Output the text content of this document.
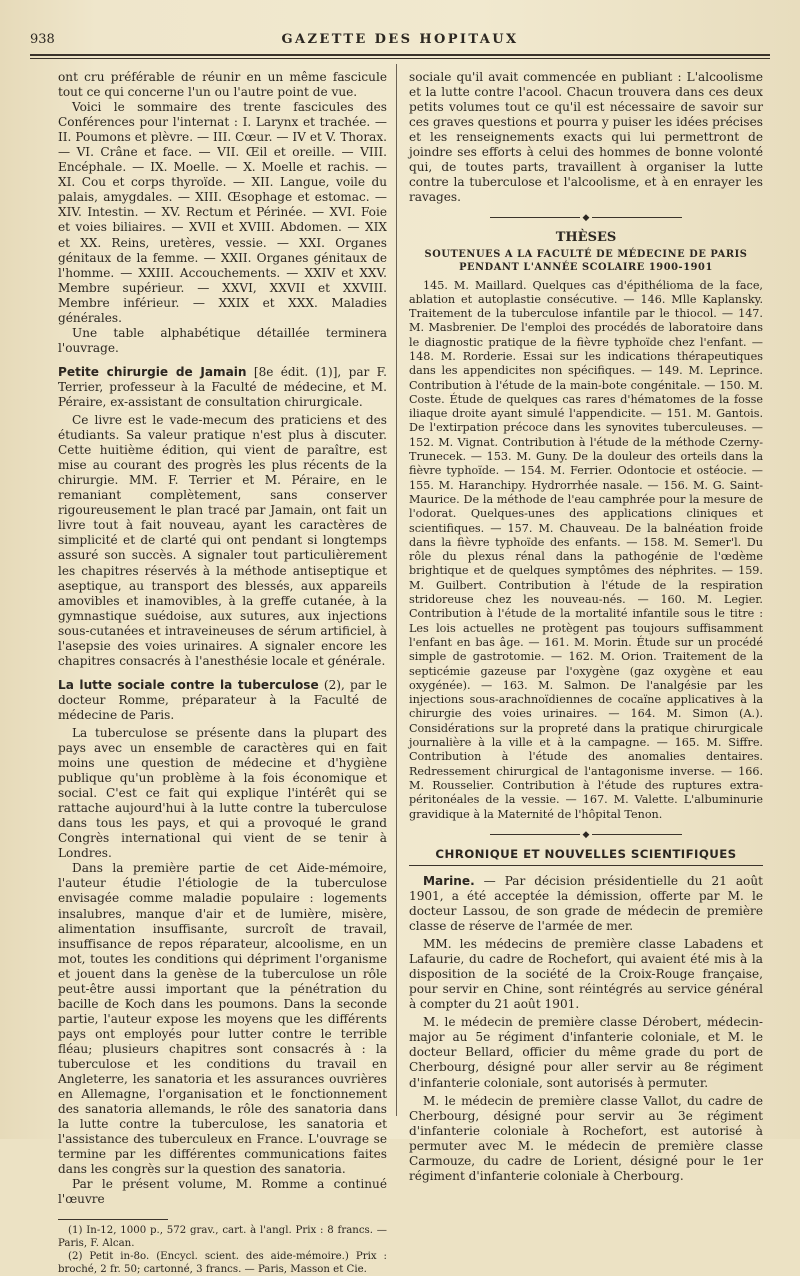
938	GAZETTE DES HOPITAUX

ont cru préférable de réunir en un même fascicule tout ce qui concerne l'un ou l'autre point de vue.

Voici le sommaire des trente fascicules des Conférences pour l'internat : I. Larynx et trachée. — II. Poumons et plèvre. — III. Cœur. — IV et V. Thorax. — VI. Crâne et face. — VII. Œil et oreille. — VIII. Encéphale. — IX. Moelle. — X. Moelle et rachis. — XI. Cou et corps thyroïde. — XII. Langue, voile du palais, amygdales. — XIII. Œsophage et estomac. — XIV. Intestin. — XV. Rectum et Périnée. — XVI. Foie et voies biliaires. — XVII et XVIII. Abdomen. — XIX et XX. Reins, uretères, vessie. — XXI. Organes génitaux de la femme. — XXII. Organes génitaux de l'homme. — XXIII. Accouchements. — XXIV et XXV. Membre supérieur. — XXVI, XXVII et XXVIII. Membre inférieur. — XXIX et XXX. Maladies générales.

Une table alphabétique détaillée terminera l'ouvrage.

Petite chirurgie de Jamain [8e édit. (1)], par F. Terrier, professeur à la Faculté de médecine, et M. Péraire, ex-assistant de consultation chirurgicale.

Ce livre est le vade-mecum des praticiens et des étudiants. Sa valeur pratique n'est plus à discuter. Cette huitième édition, qui vient de paraître, est mise au courant des progrès les plus récents de la chirurgie. MM. F. Terrier et M. Péraire, en le remaniant complètement, sans conserver rigoureusement le plan tracé par Jamain, ont fait un livre tout à fait nouveau, ayant les caractères de simplicité et de clarté qui ont pendant si longtemps assuré son succès. A signaler tout particulièrement les chapitres réservés à la méthode antiseptique et aseptique, au transport des blessés, aux appareils amovibles et inamovibles, à la greffe cutanée, à la gymnastique suédoise, aux sutures, aux injections sous-cutanées et intraveineuses de sérum artificiel, à l'asepsie des voies urinaires. A signaler encore les chapitres consacrés à l'anesthésie locale et générale.

La lutte sociale contre la tuberculose (2), par le docteur Romme, préparateur à la Faculté de médecine de Paris.

La tuberculose se présente dans la plupart des pays avec un ensemble de caractères qui en fait moins une question de médecine et d'hygiène publique qu'un problème à la fois économique et social. C'est ce fait qui explique l'intérêt qui se rattache aujourd'hui à la lutte contre la tuberculose dans tous les pays, et qui a provoqué le grand Congrès international qui vient de se tenir à Londres.

Dans la première partie de cet Aide-mémoire, l'auteur étudie l'étiologie de la tuberculose envisagée comme maladie populaire : logements insalubres, manque d'air et de lumière, misère, alimentation insuffisante, surcroît de travail, insuffisance de repos réparateur, alcoolisme, en un mot, toutes les conditions qui dépriment l'organisme et jouent dans la genèse de la tuberculose un rôle peut-être aussi important que la pénétration du bacille de Koch dans les poumons. Dans la seconde partie, l'auteur expose les moyens que les différents pays ont employés pour lutter contre le terrible fléau; plusieurs chapitres sont consacrés à : la tuberculose et les conditions du travail en Angleterre, les sanatoria et les assurances ouvrières en Allemagne, l'organisation et le fonctionnement des sanatoria allemands, le rôle des sanatoria dans la lutte contre la tuberculose, les sanatoria et l'assistance des tuberculeux en France. L'ouvrage se termine par les différentes communications faites dans les congrès sur la question des sanatoria.

Par le présent volume, M. Romme a continué l'œuvre

(1) In-12, 1000 p., 572 grav., cart. à l'angl. Prix : 8 francs. — Paris, F. Alcan.

(2) Petit in-8o. (Encycl. scient. des aide-mémoire.) Prix : broché, 2 fr. 50; cartonné, 3 francs. — Paris, Masson et Cie.

sociale qu'il avait commencée en publiant : L'alcoolisme et la lutte contre l'acool. Chacun trouvera dans ces deux petits volumes tout ce qu'il est nécessaire de savoir sur ces graves questions et pourra y puiser les idées précises et les renseignements exacts qui lui permettront de joindre ses efforts à celui des hommes de bonne volonté qui, de toutes parts, travaillent à organiser la lutte contre la tuberculose et l'alcoolisme, et à en enrayer les ravages.

◆
THÈSES
SOUTENUES A LA FACULTÉ DE MÉDECINE DE PARIS
PENDANT L'ANNÉE SCOLAIRE 1900-1901

145. M. Maillard. Quelques cas d'épithélioma de la face, ablation et autoplastie consécutive. — 146. Mlle Kaplansky. Traitement de la tuberculose infantile par le thiocol. — 147. M. Masbrenier. De l'emploi des procédés de laboratoire dans le diagnostic pratique de la fièvre typhoïde chez l'enfant. — 148. M. Rorderie. Essai sur les indications thérapeutiques dans les appendicites non spécifiques. — 149. M. Leprince. Contribution à l'étude de la main-bote congénitale. — 150. M. Coste. Étude de quelques cas rares d'hématomes de la fosse iliaque droite ayant simulé l'appendicite. — 151. M. Gantois. De l'extirpation précoce dans les synovites tuberculeuses. — 152. M. Vignat. Contribution à l'étude de la méthode Czerny-Trunecek. — 153. M. Guny. De la douleur des orteils dans la fièvre typhoïde. — 154. M. Ferrier. Odontocie et ostéocie. — 155. M. Haranchipy. Hydrorrhée nasale. — 156. M. G. Saint-Maurice. De la méthode de l'eau camphrée pour la mesure de l'odorat. Quelques-unes des applications cliniques et scientifiques. — 157. M. Chauveau. De la balnéation froide dans la fièvre typhoïde des enfants. — 158. M. Semer'l. Du rôle du plexus rénal dans la pathogénie de l'œdème brightique et de quelques symptômes des néphrites. — 159. M. Guilbert. Contribution à l'étude de la respiration stridoreuse chez les nouveau-nés. — 160. M. Legier. Contribution à l'étude de la mortalité infantile sous le titre : Les lois actuelles ne protègent pas toujours suffisamment l'enfant en bas âge. — 161. M. Morin. Étude sur un procédé simple de gastrotomie. — 162. M. Orion. Traitement de la septicémie gazeuse par l'oxygène (gaz oxygène et eau oxygénée). — 163. M. Salmon. De l'analgésie par les injections sous-arachnoïdiennes de cocaïne applicatives à la chirurgie des voies urinaires. — 164. M. Simon (A.). Considérations sur la propreté dans la pratique chirurgicale journalière à la ville et à la campagne. — 165. M. Siffre. Contribution à l'étude des anomalies dentaires. Redressement chirurgical de l'antagonisme inverse. — 166. M. Rousselier. Contribution à l'étude des ruptures extra-péritonéales de la vessie. — 167. M. Valette. L'albuminurie gravidique à la Maternité de l'hôpital Tenon.

◆
CHRONIQUE ET NOUVELLES SCIENTIFIQUES

Marine. — Par décision présidentielle du 21 août 1901, a été acceptée la démission, offerte par M. le docteur Lassou, de son grade de médecin de première classe de réserve de l'armée de mer.

MM. les médecins de première classe Labadens et Lafaurie, du cadre de Rochefort, qui avaient été mis à la disposition de la société de la Croix-Rouge française, pour servir en Chine, sont réintégrés au service général à compter du 21 août 1901.

M. le médecin de première classe Dérobert, médecin-major au 5e régiment d'infanterie coloniale, et M. le docteur Bellard, officier du même grade du port de Cherbourg, désigné pour aller servir au 8e régiment d'infanterie coloniale, sont autorisés à permuter.

M. le médecin de première classe Vallot, du cadre de Cherbourg, désigné pour servir au 3e régiment d'infanterie coloniale à Rochefort, est autorisé à permuter avec M. le médecin de première classe Carmouze, du cadre de Lorient, désigné pour le 1er régiment d'infanterie coloniale à Cherbourg.
